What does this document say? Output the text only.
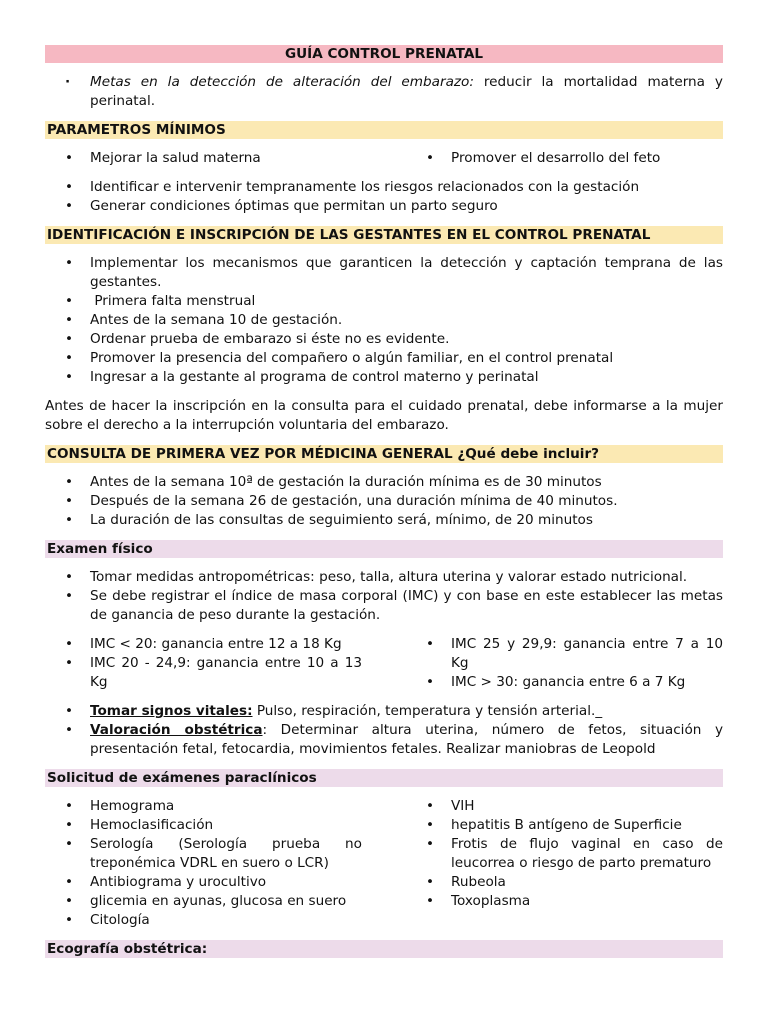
GUÍA CONTROL PRENATAL
· Metas en la detección de alteración del embarazo: reducir la mortalidad materna y perinatal.
PARAMETROS MÍNIMOS
• Mejorar la salud materna	• Promover el desarrollo del feto
• Identificar e intervenir tempranamente los riesgos relacionados con la gestación
• Generar condiciones óptimas que permitan un parto seguro
IDENTIFICACIÓN E INSCRIPCIÓN DE LAS GESTANTES EN EL CONTROL PRENATAL
• Implementar los mecanismos que garanticen la detección y captación temprana de las gestantes.
•  Primera falta menstrual
• Antes de la semana 10 de gestación.
• Ordenar prueba de embarazo si éste no es evidente.
• Promover la presencia del compañero o algún familiar, en el control prenatal
• Ingresar a la gestante al programa de control materno y perinatal

Antes de hacer la inscripción en la consulta para el cuidado prenatal, debe informarse a la mujer sobre el derecho a la interrupción voluntaria del embarazo.

CONSULTA DE PRIMERA VEZ POR MÉDICINA GENERAL ¿Qué debe incluir?
• Antes de la semana 10ª de gestación la duración mínima es de 30 minutos
• Después de la semana 26 de gestación, una duración mínima de 40 minutos.
• La duración de las consultas de seguimiento será, mínimo, de 20 minutos
Examen físico
• Tomar medidas antropométricas: peso, talla, altura uterina y valorar estado nutricional.
• Se debe registrar el índice de masa corporal (IMC) y con base en este establecer las metas de ganancia de peso durante la gestación.
• IMC < 20: ganancia entre 12 a 18 Kg
• IMC 20 - 24,9: ganancia entre 10 a 13 Kg
• IMC 25 y 29,9: ganancia entre 7 a 10 Kg
• IMC > 30: ganancia entre 6 a 7 Kg
• Tomar signos vitales: Pulso, respiración, temperatura y tensión arterial._
• Valoración obstétrica: Determinar altura uterina, número de fetos, situación y presentación fetal, fetocardia, movimientos fetales. Realizar maniobras de Leopold
Solicitud de exámenes paraclínicos
• Hemograma
• Hemoclasificación
• Serología (Serología prueba no treponémica VDRL en suero o LCR)
• Antibiograma y urocultivo
• glicemia en ayunas, glucosa en suero
• Citología
• VIH
• hepatitis B antígeno de Superficie
• Frotis de flujo vaginal en caso de leucorrea o riesgo de parto prematuro
• Rubeola
• Toxoplasma
Ecografía obstétrica:
